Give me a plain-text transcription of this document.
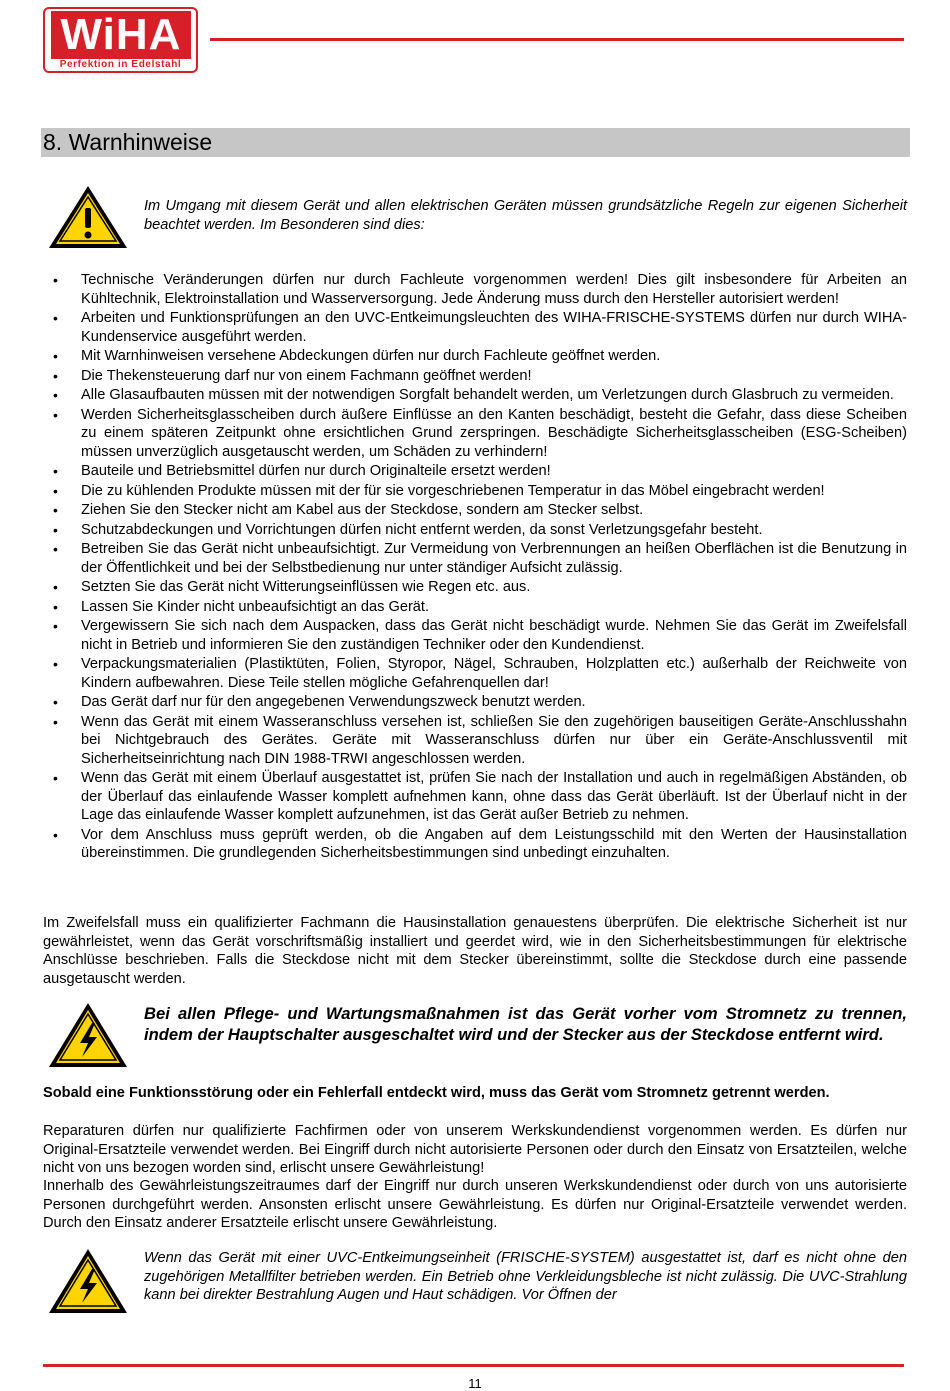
WiHA
Perfektion in Edelstahl
8. Warnhinweise
Im Umgang mit diesem Gerät und allen elektrischen Geräten müssen grundsätzliche Regeln zur eigenen Sicherheit beachtet werden. Im Besonderen sind dies:
• Technische Veränderungen dürfen nur durch Fachleute vorgenommen werden! Dies gilt insbesondere für Arbeiten an Kühltechnik, Elektroinstallation und Wasserversorgung. Jede Änderung muss durch den Hersteller autorisiert werden!
• Arbeiten und Funktionsprüfungen an den UVC-Entkeimungsleuchten des WIHA-FRISCHE-SYSTEMS dürfen nur durch WIHA-Kundenservice ausgeführt werden.
• Mit Warnhinweisen versehene Abdeckungen dürfen nur durch Fachleute geöffnet werden.
• Die Thekensteuerung darf nur von einem Fachmann geöffnet werden!
• Alle Glasaufbauten müssen mit der notwendigen Sorgfalt behandelt werden, um Verletzungen durch Glasbruch zu vermeiden.
• Werden Sicherheitsglasscheiben durch äußere Einflüsse an den Kanten beschädigt, besteht die Gefahr, dass diese Scheiben zu einem späteren Zeitpunkt ohne ersichtlichen Grund zerspringen. Beschädigte Sicherheitsglasscheiben (ESG-Scheiben) müssen unverzüglich ausgetauscht werden, um Schäden zu verhindern!
• Bauteile und Betriebsmittel dürfen nur durch Originalteile ersetzt werden!
• Die zu kühlenden Produkte müssen mit der für sie vorgeschriebenen Temperatur in das Möbel eingebracht werden!
• Ziehen Sie den Stecker nicht am Kabel aus der Steckdose, sondern am Stecker selbst.
• Schutzabdeckungen und Vorrichtungen dürfen nicht entfernt werden, da sonst Verletzungsgefahr besteht.
• Betreiben Sie das Gerät nicht unbeaufsichtigt. Zur Vermeidung von Verbrennungen an heißen Oberflächen ist die Benutzung in der Öffentlichkeit und bei der Selbstbedienung nur unter ständiger Aufsicht zulässig.
• Setzten Sie das Gerät nicht Witterungseinflüssen wie Regen etc. aus.
• Lassen Sie Kinder nicht unbeaufsichtigt an das Gerät.
• Vergewissern Sie sich nach dem Auspacken, dass das Gerät nicht beschädigt wurde. Nehmen Sie das Gerät im Zweifelsfall nicht in Betrieb und informieren Sie den zuständigen Techniker oder den Kundendienst.
• Verpackungsmaterialien (Plastiktüten, Folien, Styropor, Nägel, Schrauben, Holzplatten etc.) außerhalb der Reichweite von Kindern aufbewahren. Diese Teile stellen mögliche Gefahrenquellen dar!
• Das Gerät darf nur für den angegebenen Verwendungszweck benutzt werden.
• Wenn das Gerät mit einem Wasseranschluss versehen ist, schließen Sie den zugehörigen bauseitigen Geräte-Anschlusshahn bei Nichtgebrauch des Gerätes. Geräte mit Wasseranschluss dürfen nur über ein Geräte-Anschlussventil mit Sicherheitseinrichtung nach DIN 1988-TRWI angeschlossen werden.
• Wenn das Gerät mit einem Überlauf ausgestattet ist, prüfen Sie nach der Installation und auch in regelmäßigen Abständen, ob der Überlauf das einlaufende Wasser komplett aufnehmen kann, ohne dass das Gerät überläuft. Ist der Überlauf nicht in der Lage das einlaufende Wasser komplett aufzunehmen, ist das Gerät außer Betrieb zu nehmen.
• Vor dem Anschluss muss geprüft werden, ob die Angaben auf dem Leistungsschild mit den Werten der Hausinstallation übereinstimmen. Die grundlegenden Sicherheitsbestimmungen sind unbedingt einzuhalten.

Im Zweifelsfall muss ein qualifizierter Fachmann die Hausinstallation genauestens überprüfen. Die elektrische Sicherheit ist nur gewährleistet, wenn das Gerät vorschriftsmäßig installiert und geerdet wird, wie in den Sicherheitsbestimmungen für elektrische Anschlüsse beschrieben. Falls die Steckdose nicht mit dem Stecker übereinstimmt, sollte die Steckdose durch eine passende ausgetauscht werden.

Bei allen Pflege- und Wartungsmaßnahmen ist das Gerät vorher vom Stromnetz zu trennen, indem der Hauptschalter ausgeschaltet wird und der Stecker aus der Steckdose entfernt wird.
Sobald eine Funktionsstörung oder ein Fehlerfall entdeckt wird, muss das Gerät vom Stromnetz getrennt werden.

Reparaturen dürfen nur qualifizierte Fachfirmen oder von unserem Werkskundendienst vorgenommen werden. Es dürfen nur Original-Ersatzteile verwendet werden. Bei Eingriff durch nicht autorisierte Personen oder durch den Einsatz von Ersatzteilen, welche nicht von uns bezogen worden sind, erlischt unsere Gewährleistung!

Innerhalb des Gewährleistungszeitraumes darf der Eingriff nur durch unseren Werkskundendienst oder durch von uns autorisierte Personen durchgeführt werden. Ansonsten erlischt unsere Gewährleistung. Es dürfen nur Original-Ersatzteile verwendet werden. Durch den Einsatz anderer Ersatzteile erlischt unsere Gewährleistung.

Wenn das Gerät mit einer UVC-Entkeimungseinheit (FRISCHE-SYSTEM) ausgestattet ist, darf es nicht ohne den zugehörigen Metallfilter betrieben werden. Ein Betrieb ohne Verkleidungsbleche ist nicht zulässig. Die UVC-Strahlung kann bei direkter Bestrahlung Augen und Haut schädigen. Vor Öffnen der
11
